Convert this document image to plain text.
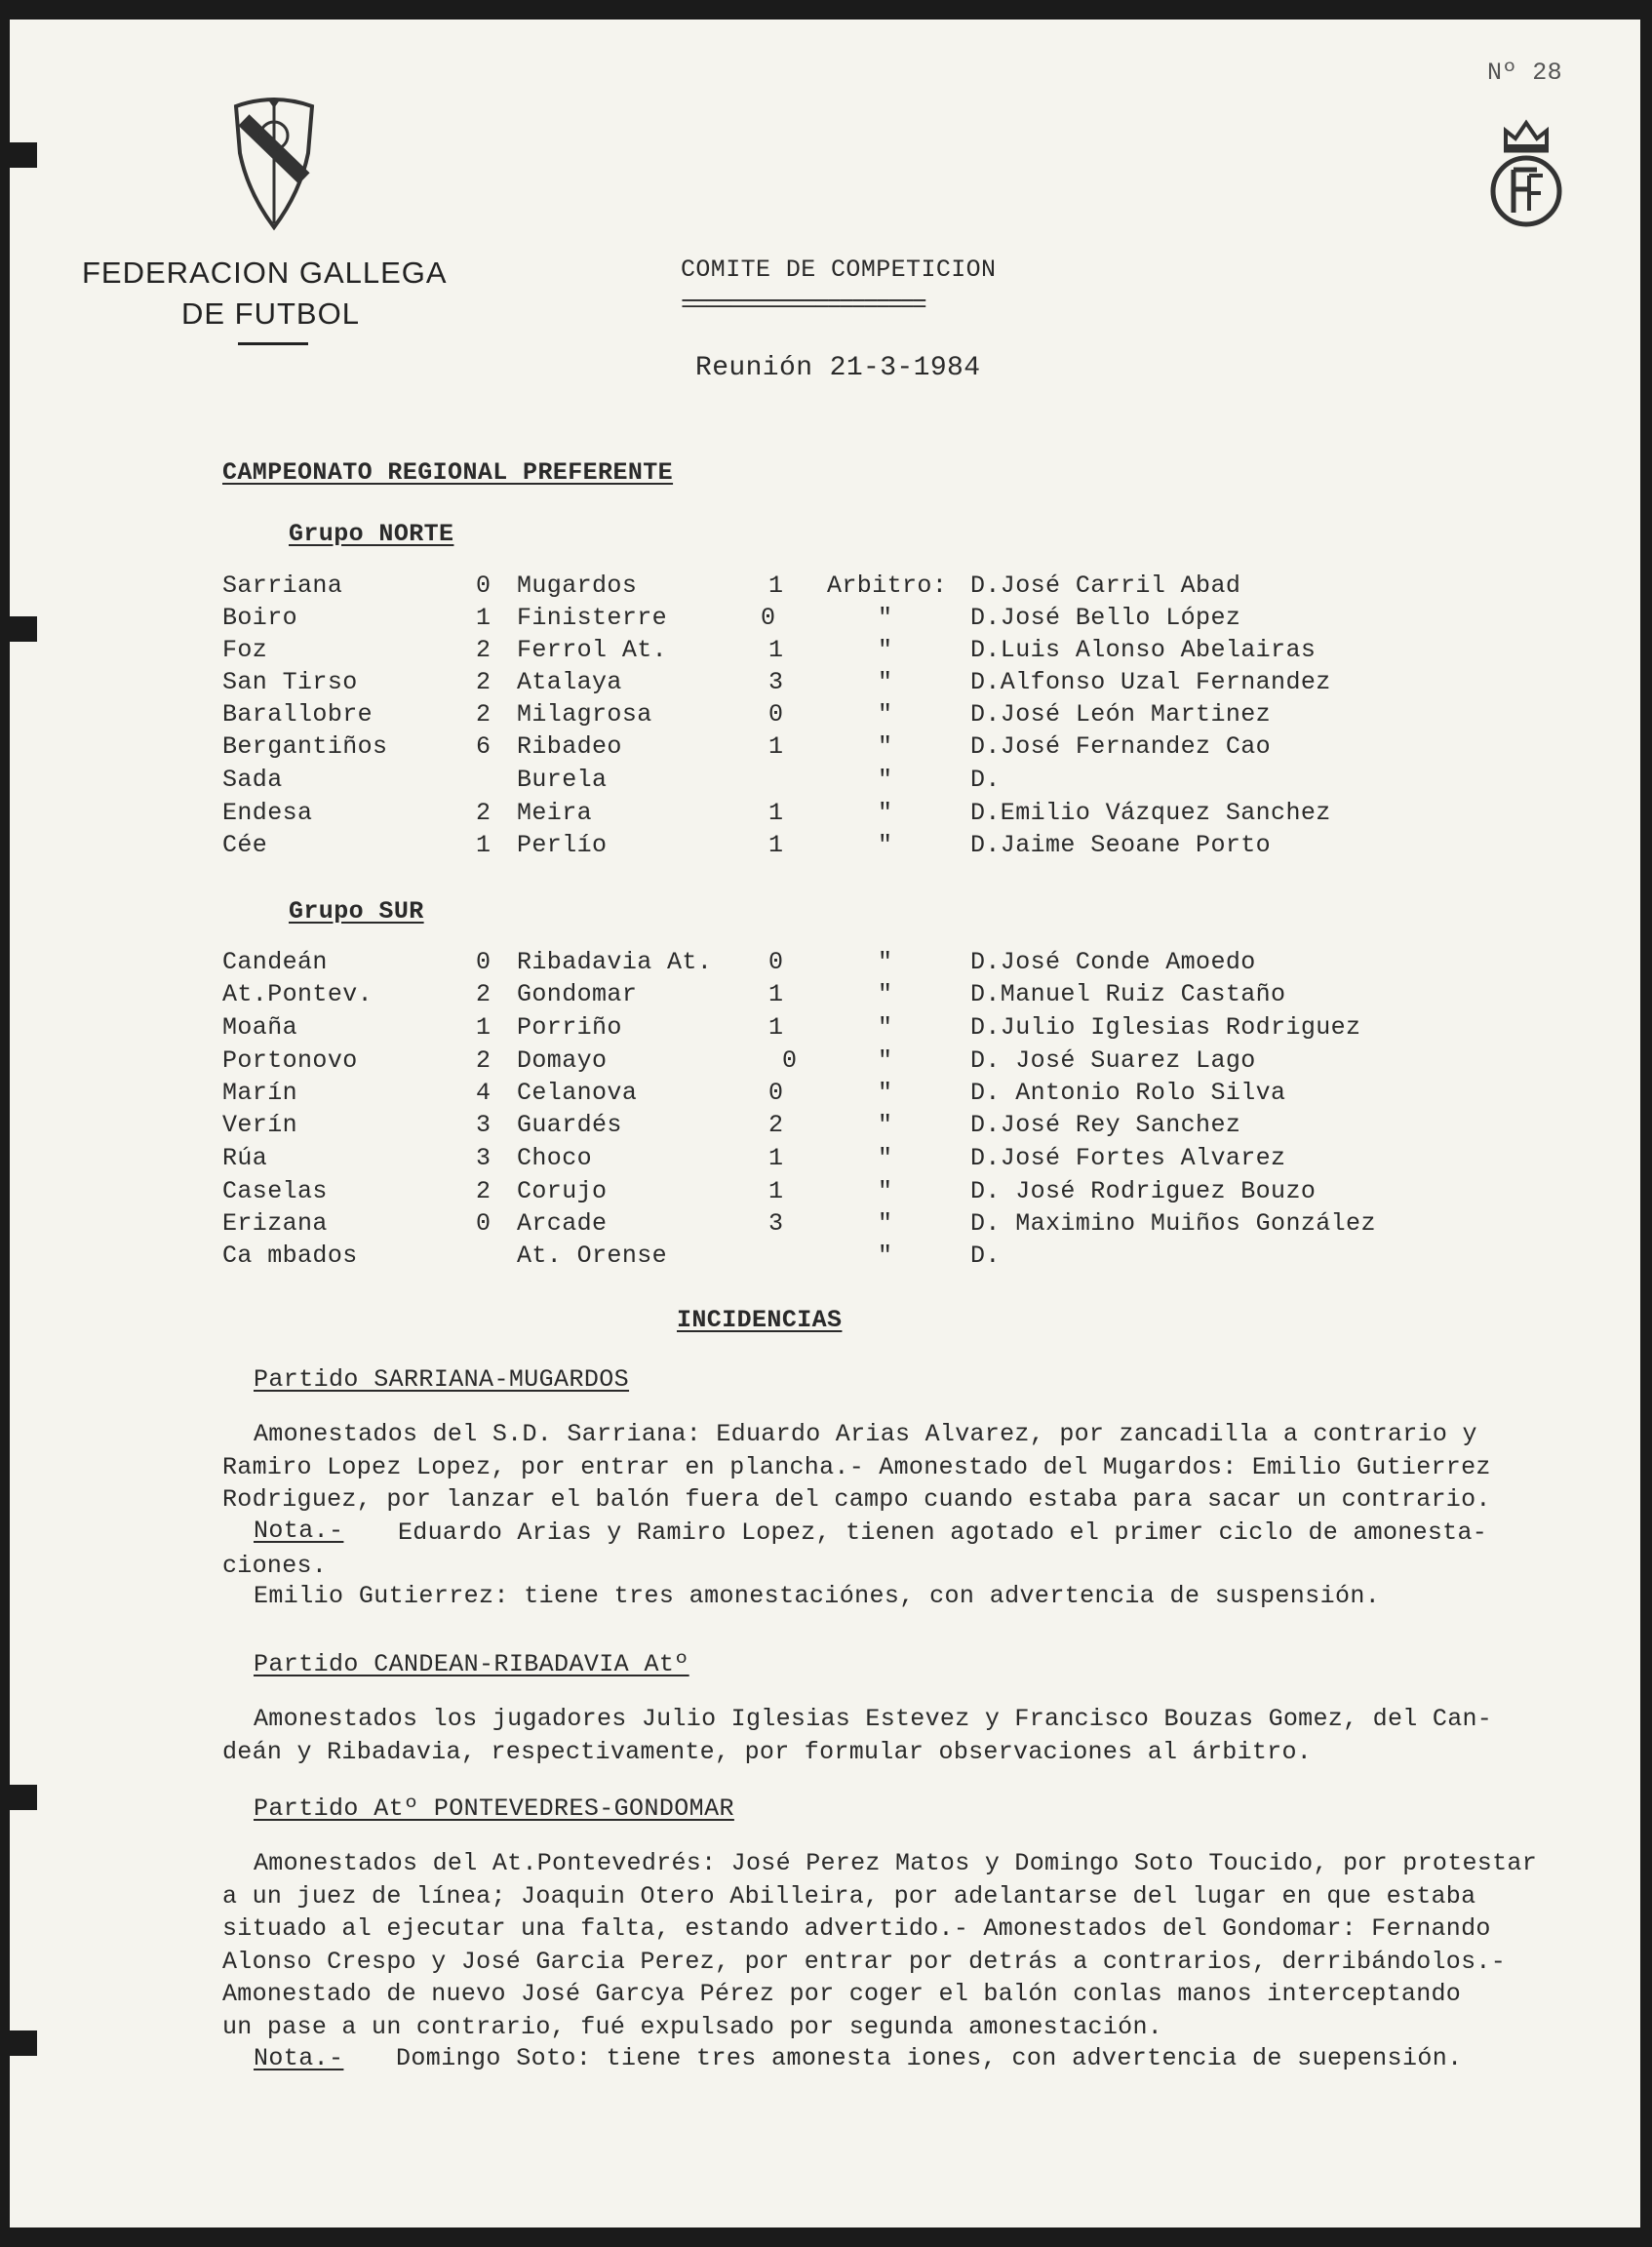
Nº 28
FEDERACION GALLEGA
DE FUTBOL
COMITE DE COMPETICION
====================
Reunión 21-3-1984
CAMPEONATO REGIONAL PREFERENTE
Grupo NORTE
Sarriana	0 Mugardos	1 Arbitro: D.José Carril Abad
Boiro	1 Finisterre	0	"	D.José Bello López
Foz	2 Ferrol At.	1	"	D.Luis Alonso Abelairas
San Tirso	2 Atalaya	3	"	D.Alfonso Uzal Fernandez
Barallobre	2 Milagrosa	0	"	D.José León Martinez
Bergantiños	6 Ribadeo	1	"	D.José Fernandez Cao
Sada	Burela	"	D.
Endesa	2 Meira	1	"	D.Emilio Vázquez Sanchez
Cée	1 Perlío	1	"	D.Jaime Seoane Porto
Grupo SUR
Candeán	0 Ribadavia At. 0	"	D.José Conde Amoedo
At.Pontev.	2 Gondomar	1	"	D.Manuel Ruiz Castaño
Moaña	1 Porriño	1	"	D.Julio Iglesias Rodriguez
Portonovo	2 Domayo	0	"	D. José Suarez Lago
Marín	4 Celanova	0	"	D. Antonio Rolo Silva
Verín	3 Guardés	2	"	D.José Rey Sanchez
Rúa	3 Choco	1	"	D.José Fortes Alvarez
Caselas	2 Corujo	1	"	D. José Rodriguez Bouzo
Erizana	0 Arcade	3	"	D. Maximino Muiños González
Ca mbados	At. Orense	"	D.
INCIDENCIAS
Partido SARRIANA-MUGARDOS
Amonestados del S.D. Sarriana: Eduardo Arias Alvarez, por zancadilla a contrario y
Ramiro Lopez Lopez, por entrar en plancha.- Amonestado del Mugardos: Emilio Gutierrez
Rodriguez, por lanzar el balón fuera del campo cuando estaba para sacar un contrario.
Nota.-	Eduardo Arias y Ramiro Lopez, tienen agotado el primer ciclo de amonesta-
ciones.
Emilio Gutierrez: tiene tres amonestaciónes, con advertencia de suspensión.
Partido CANDEAN-RIBADAVIA Atº
Amonestados los jugadores Julio Iglesias Estevez y Francisco Bouzas Gomez, del Can-
deán y Ribadavia, respectivamente, por formular observaciones al árbitro.
Partido Atº PONTEVEDRES-GONDOMAR
Amonestados del At.Pontevedrés: José Perez Matos y Domingo Soto Toucido, por protestar
a un juez de línea; Joaquin Otero Abilleira, por adelantarse del lugar en que estaba
situado al ejecutar una falta, estando advertido.- Amonestados del Gondomar: Fernando
Alonso Crespo y José Garcia Perez, por entrar por detrás a contrarios, derribándolos.-
Amonestado de nuevo José Garcya Pérez por coger el balón conlas manos interceptando
un pase a un contrario, fué expulsado por segunda amonestación.
Nota.- Domingo Soto: tiene tres amonesta iones, con advertencia de suepensión.
